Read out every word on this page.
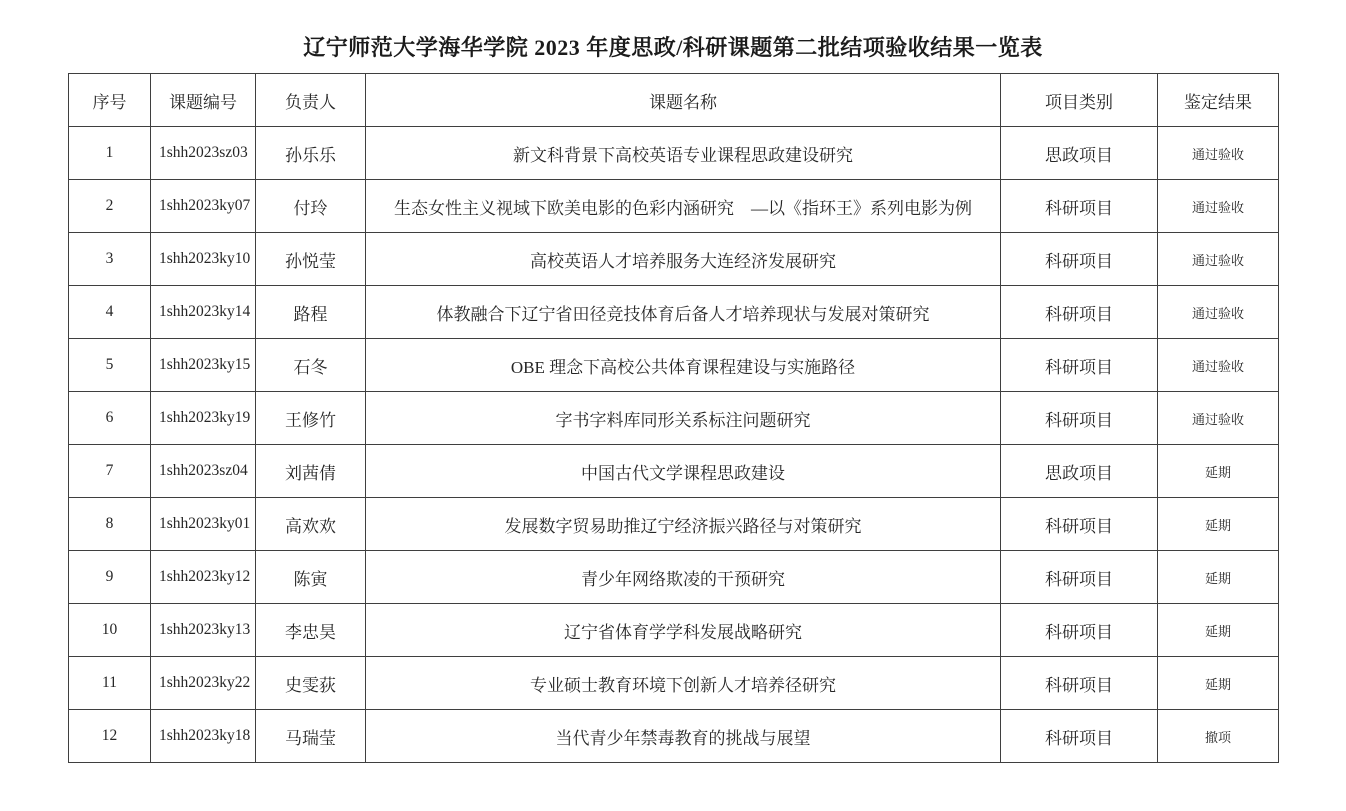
辽宁师范大学海华学院 2023 年度思政/科研课题第二批结项验收结果一览表
序号	课题编号	负责人	课题名称	项目类别	鉴定结果
1	1shh2023sz03	孙乐乐	新文科背景下高校英语专业课程思政建设研究	思政项目	通过验收
2	1shh2023ky07	付玲	生态女性主义视域下欧美电影的色彩内涵研究　—以《指环王》系列电影为例	科研项目	通过验收
3	1shh2023ky10	孙悦莹	高校英语人才培养服务大连经济发展研究	科研项目	通过验收
4	1shh2023ky14	路程	体教融合下辽宁省田径竞技体育后备人才培养现状与发展对策研究	科研项目	通过验收
5	1shh2023ky15	石冬	OBE 理念下高校公共体育课程建设与实施路径	科研项目	通过验收
6	1shh2023ky19	王修竹	字书字料库同形关系标注问题研究	科研项目	通过验收
7	1shh2023sz04	刘茜倩	中国古代文学课程思政建设	思政项目	延期
8	1shh2023ky01	高欢欢	发展数字贸易助推辽宁经济振兴路径与对策研究	科研项目	延期
9	1shh2023ky12	陈寅	青少年网络欺凌的干预研究	科研项目	延期
10	1shh2023ky13	李忠昊	辽宁省体育学学科发展战略研究	科研项目	延期
11	1shh2023ky22	史雯荻	专业硕士教育环境下创新人才培养径研究	科研项目	延期
12	1shh2023ky18	马瑞莹	当代青少年禁毒教育的挑战与展望	科研项目	撤项
